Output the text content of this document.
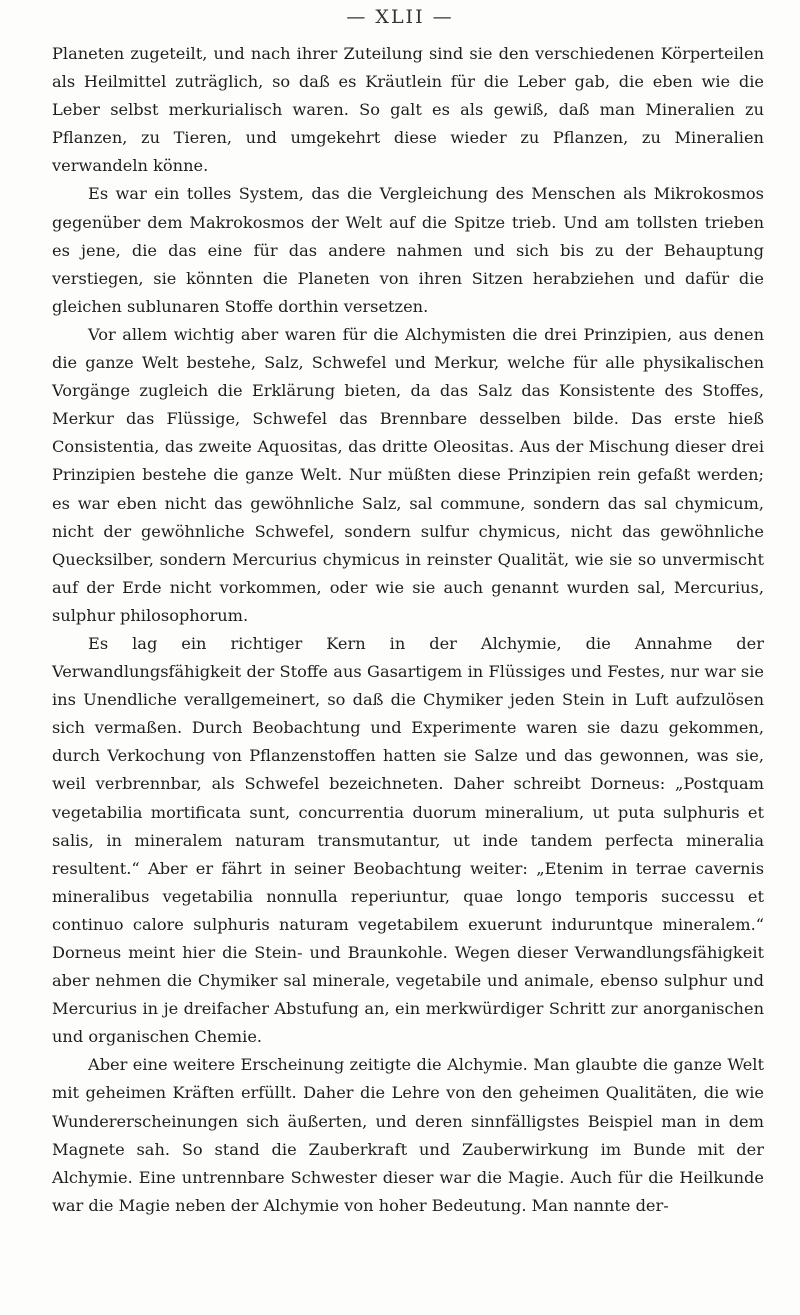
— XLII —

Planeten zugeteilt, und nach ihrer Zuteilung sind sie den verschiedenen Körperteilen als Heilmittel zuträglich, so daß es Kräutlein für die Leber gab, die eben wie die Leber selbst merkurialisch waren. So galt es als gewiß, daß man Mineralien zu Pflanzen, zu Tieren, und umgekehrt diese wieder zu Pflanzen, zu Mineralien verwandeln könne.

Es war ein tolles System, das die Vergleichung des Menschen als Mikrokosmos gegenüber dem Makrokosmos der Welt auf die Spitze trieb. Und am tollsten trieben es jene, die das eine für das andere nahmen und sich bis zu der Behauptung verstiegen, sie könnten die Planeten von ihren Sitzen herabziehen und dafür die gleichen sublunaren Stoffe dorthin versetzen.

Vor allem wichtig aber waren für die Alchymisten die drei Prinzipien, aus denen die ganze Welt bestehe, Salz, Schwefel und Merkur, welche für alle physikalischen Vorgänge zugleich die Erklärung bieten, da das Salz das Konsistente des Stoffes, Merkur das Flüssige, Schwefel das Brennbare desselben bilde. Das erste hieß Consistentia, das zweite Aquositas, das dritte Oleositas. Aus der Mischung dieser drei Prinzipien bestehe die ganze Welt. Nur müßten diese Prinzipien rein gefaßt werden; es war eben nicht das gewöhnliche Salz, sal commune, sondern das sal chymicum, nicht der gewöhnliche Schwefel, sondern sulfur chymicus, nicht das gewöhnliche Quecksilber, sondern Mercurius chymicus in reinster Qualität, wie sie so unvermischt auf der Erde nicht vorkommen, oder wie sie auch genannt wurden sal, Mercurius, sulphur philosophorum.

Es lag ein richtiger Kern in der Alchymie, die Annahme der Verwandlungsfähigkeit der Stoffe aus Gasartigem in Flüssiges und Festes, nur war sie ins Unendliche verallgemeinert, so daß die Chymiker jeden Stein in Luft aufzulösen sich vermaßen. Durch Beobachtung und Experimente waren sie dazu gekommen, durch Verkochung von Pflanzenstoffen hatten sie Salze und das gewonnen, was sie, weil verbrennbar, als Schwefel bezeichneten. Daher schreibt Dorneus: „Postquam vegetabilia mortificata sunt, concurrentia duorum mineralium, ut puta sulphuris et salis, in mineralem naturam transmutantur, ut inde tandem perfecta mineralia resultent.“ Aber er fährt in seiner Beobachtung weiter: „Etenim in terrae cavernis mineralibus vegetabilia nonnulla reperiuntur, quae longo temporis successu et continuo calore sulphuris naturam vegetabilem exuerunt induruntque mineralem.“ Dorneus meint hier die Stein- und Braunkohle. Wegen dieser Verwandlungsfähigkeit aber nehmen die Chymiker sal minerale, vegetabile und animale, ebenso sulphur und Mercurius in je dreifacher Abstufung an, ein merkwürdiger Schritt zur anorganischen und organischen Chemie.

Aber eine weitere Erscheinung zeitigte die Alchymie. Man glaubte die ganze Welt mit geheimen Kräften erfüllt. Daher die Lehre von den geheimen Qualitäten, die wie Wundererscheinungen sich äußerten, und deren sinnfälligstes Beispiel man in dem Magnete sah. So stand die Zauberkraft und Zauberwirkung im Bunde mit der Alchymie. Eine untrennbare Schwester dieser war die Magie. Auch für die Heilkunde war die Magie neben der Alchymie von hoher Bedeutung. Man nannte der-
